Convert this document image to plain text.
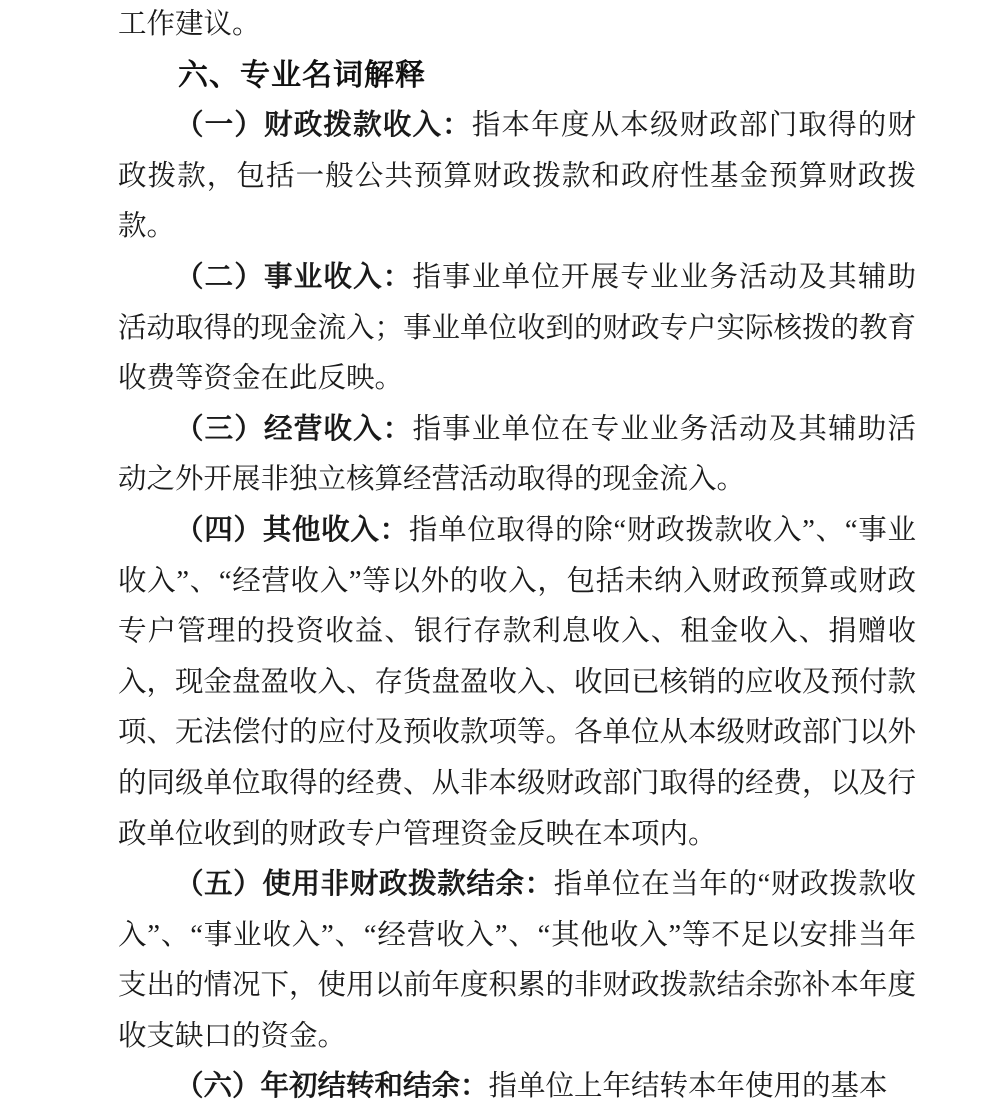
工作建议。

六、专业名词解释

（一）财政拨款收入：指本年度从本级财政部门取得的财政拨款，包括一般公共预算财政拨款和政府性基金预算财政拨款。

（二）事业收入：指事业单位开展专业业务活动及其辅助活动取得的现金流入；事业单位收到的财政专户实际核拨的教育收费等资金在此反映。

（三）经营收入：指事业单位在专业业务活动及其辅助活动之外开展非独立核算经营活动取得的现金流入。

（四）其他收入：指单位取得的除“财政拨款收入”、“事业收入”、“经营收入”等以外的收入，包括未纳入财政预算或财政专户管理的投资收益、银行存款利息收入、租金收入、捐赠收入，现金盘盈收入、存货盘盈收入、收回已核销的应收及预付款项、无法偿付的应付及预收款项等。各单位从本级财政部门以外的同级单位取得的经费、从非本级财政部门取得的经费，以及行政单位收到的财政专户管理资金反映在本项内。

（五）使用非财政拨款结余：指单位在当年的“财政拨款收入”、“事业收入”、“经营收入”、“其他收入”等不足以安排当年支出的情况下，使用以前年度积累的非财政拨款结余弥补本年度收支缺口的资金。

（六）年初结转和结余：指单位上年结转本年使用的基本
